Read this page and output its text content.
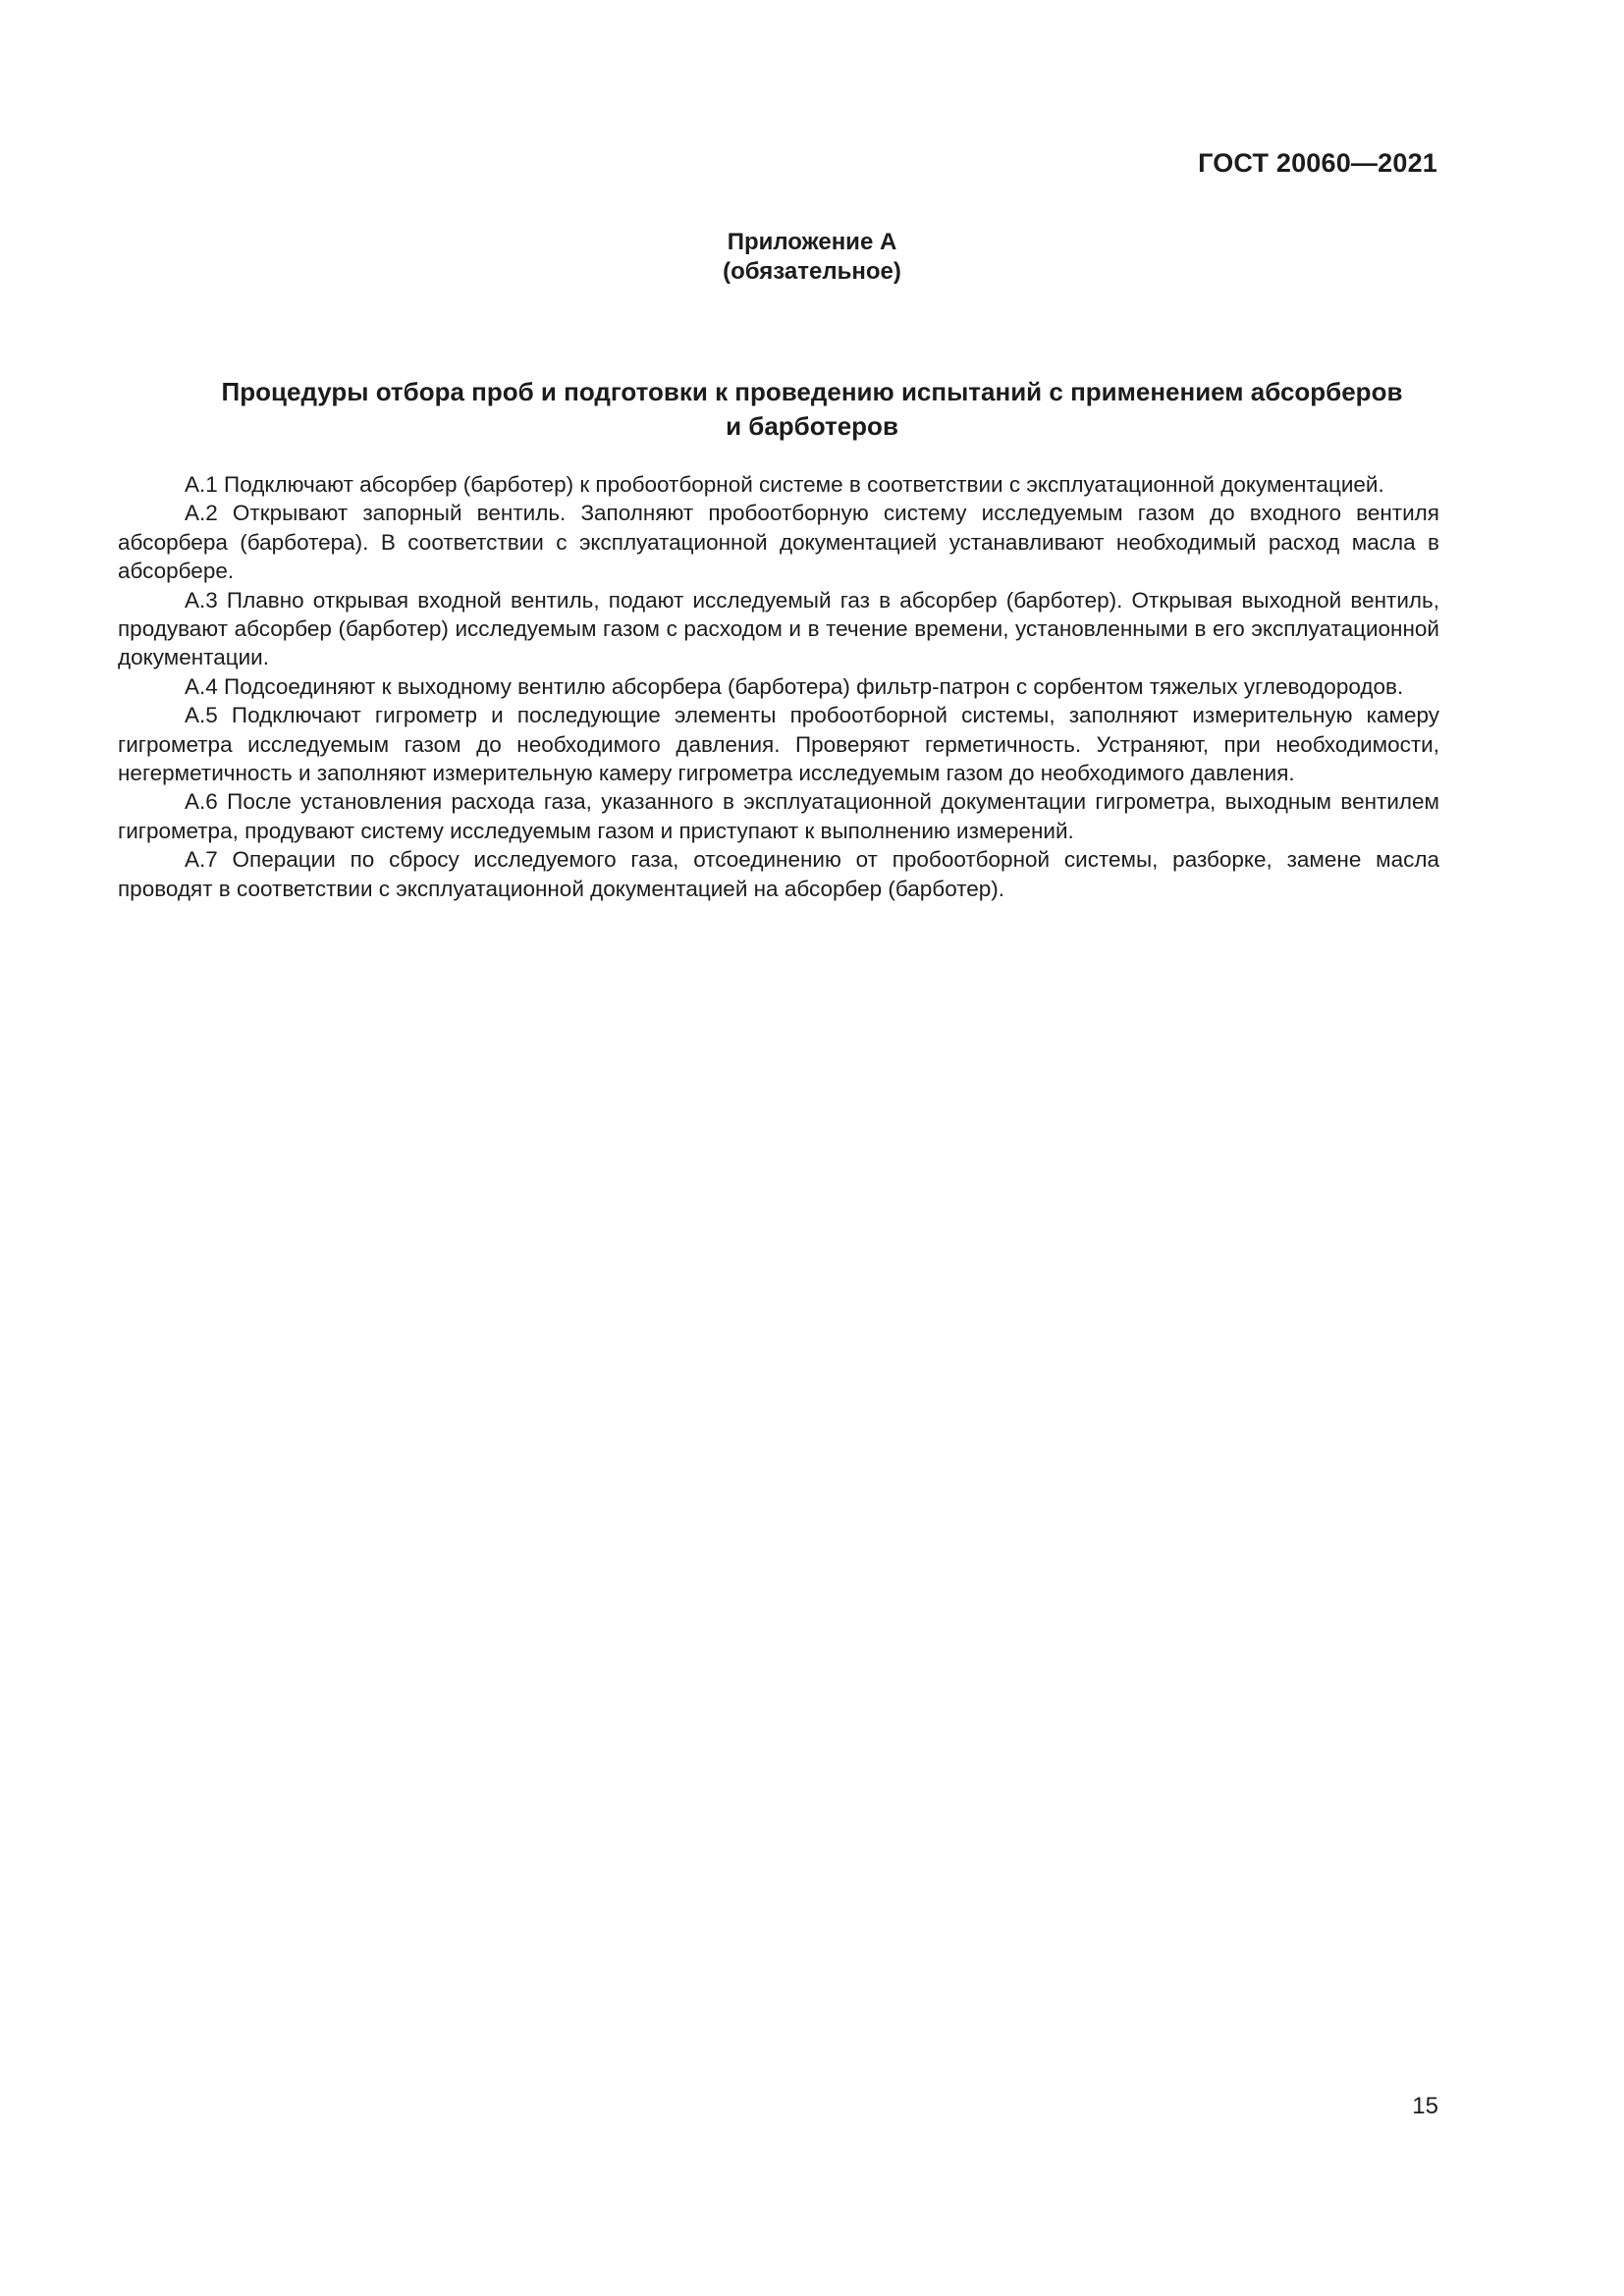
ГОСТ 20060—2021
Приложение А
(обязательное)
Процедуры отбора проб и подготовки к проведению испытаний с применением абсорберов
и барботеров

А.1 Подключают абсорбер (барботер) к пробоотборной системе в соответствии с эксплуатационной документацией.

А.2 Открывают запорный вентиль. Заполняют пробоотборную систему исследуемым газом до входного вентиля абсорбера (барботера). В соответствии с эксплуатационной документацией устанавливают необходимый расход масла в абсорбере.

А.3 Плавно открывая входной вентиль, подают исследуемый газ в абсорбер (барботер). Открывая выходной вентиль, продувают абсорбер (барботер) исследуемым газом с расходом и в течение времени, установленными в его эксплуатационной документации.

А.4 Подсоединяют к выходному вентилю абсорбера (барботера) фильтр-патрон с сорбентом тяжелых углеводородов.

А.5 Подключают гигрометр и последующие элементы пробоотборной системы, заполняют измерительную камеру гигрометра исследуемым газом до необходимого давления. Проверяют герметичность. Устраняют, при необходимости, негерметичность и заполняют измерительную камеру гигрометра исследуемым газом до необходимого давления.

А.6 После установления расхода газа, указанного в эксплуатационной документации гигрометра, выходным вентилем гигрометра, продувают систему исследуемым газом и приступают к выполнению измерений.

А.7 Операции по сбросу исследуемого газа, отсоединению от пробоотборной системы, разборке, замене масла проводят в соответствии с эксплуатационной документацией на абсорбер (барботер).

15
